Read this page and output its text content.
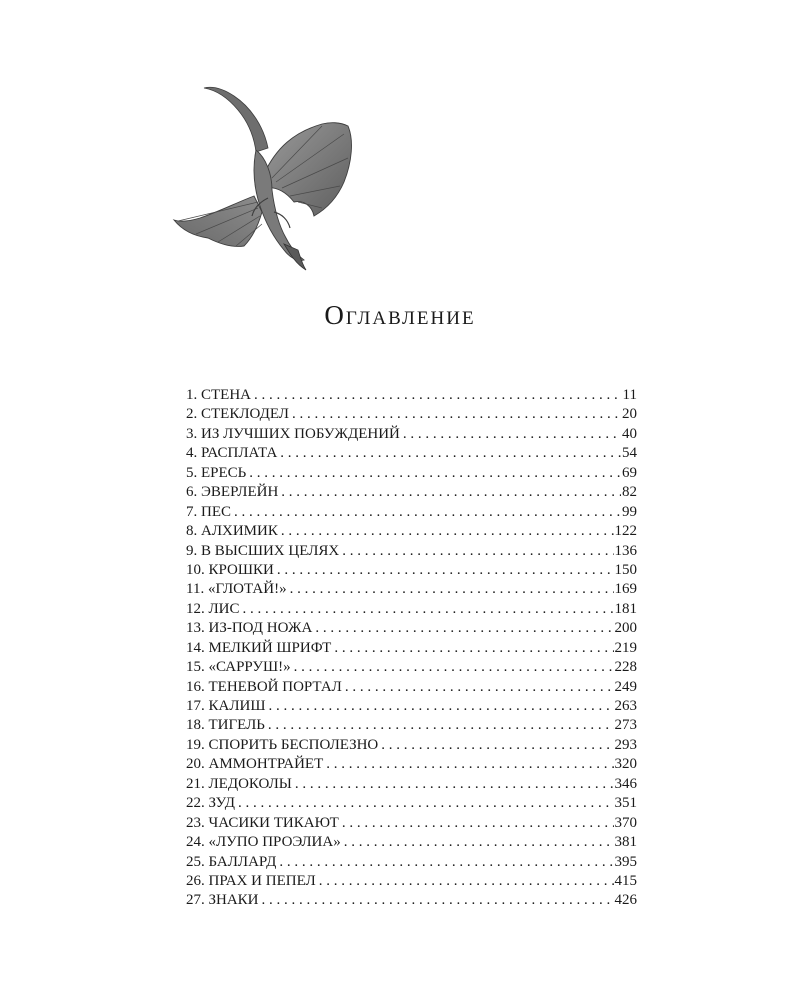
Оглавление
1. СТЕНА . . .	11
2. СТЕКЛОДЕЛ . . .	20
3. ИЗ ЛУЧШИХ ПОБУЖДЕНИЙ . . .	40
4. РАСПЛАТА . . .	54
5. ЕРЕСЬ . . .	69
6. ЭВЕРЛЕЙН . . .	82
7. ПЕС . . .	99
8. АЛХИМИК . . .	122
9. В ВЫСШИХ ЦЕЛЯХ . . .	136
10. КРОШКИ . . .	150
11. «ГЛОТАЙ!» . . .	169
12. ЛИС . . .	181
13. ИЗ-ПОД НОЖА . . .	200
14. МЕЛКИЙ ШРИФТ . . .	219
15. «САРРУШ!» . . .	228
16. ТЕНЕВОЙ ПОРТАЛ . . .	249
17. КАЛИШ . . .	263
18. ТИГЕЛЬ . . .	273
19. СПОРИТЬ БЕСПОЛЕЗНО . . .	293
20. АММОНТРАЙЕТ . . .	320
21. ЛЕДОКОЛЫ . . .	346
22. ЗУД . . .	351
23. ЧАСИКИ ТИКАЮТ . . .	370
24. «ЛУПО ПРОЭЛИА» . . .	381
25. БАЛЛАРД . . .	395
26. ПРАХ И ПЕПЕЛ . . .	415
27. ЗНАКИ . . .	426
